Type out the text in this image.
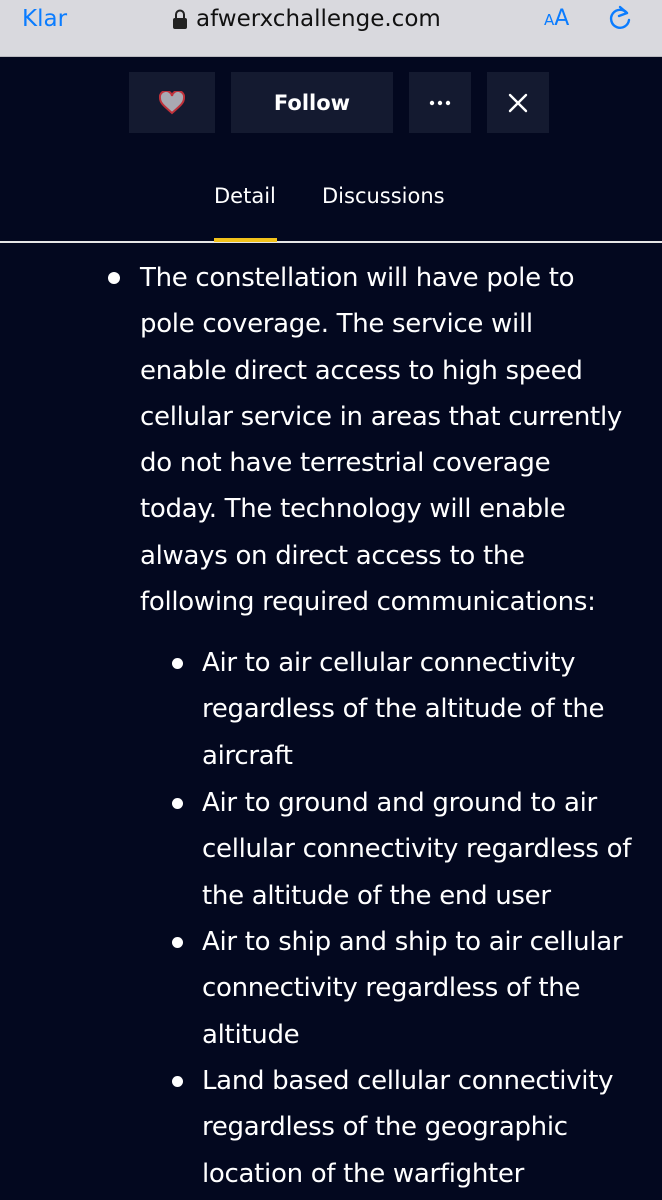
Klar	afwerxchallenge.com	A A
Follow
Detail Discussions
The constellation will have pole to
pole coverage. The service will
enable direct access to high speed
cellular service in areas that currently
do not have terrestrial coverage
today. The technology will enable
always on direct access to the
following required communications:
Air to air cellular connectivity
regardless of the altitude of the
aircraft
Air to ground and ground to air
cellular connectivity regardless of
the altitude of the end user
Air to ship and ship to air cellular
connectivity regardless of the
altitude
Land based cellular connectivity
regardless of the geographic
location of the warfighter
